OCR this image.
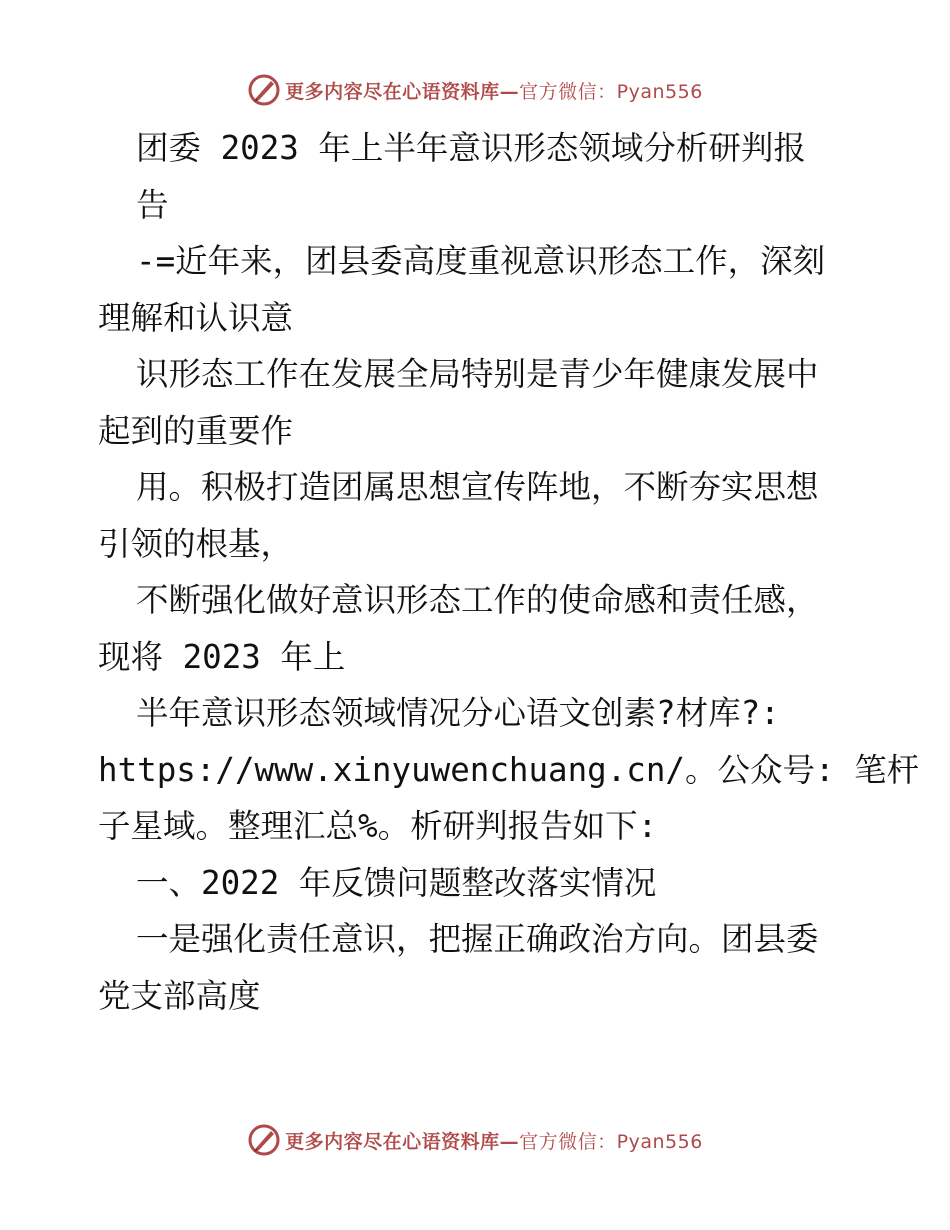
更多内容尽在心语资料库—官方微信：Pyan556
团委 2023 年上半年意识形态领域分析研判报
告
-=近年来，团县委高度重视意识形态工作，深刻
理解和认识意
识形态工作在发展全局特别是青少年健康发展中
起到的重要作
用。积极打造团属思想宣传阵地，不断夯实思想
引领的根基，
不断强化做好意识形态工作的使命感和责任感，
现将 2023 年上
半年意识形态领域情况分心语文创素?材库?:
https://www.xinyuwenchuang.cn/。公众号: 笔杆
子星域。整理汇总%。析研判报告如下:
一、2022 年反馈问题整改落实情况
一是强化责任意识，把握正确政治方向。团县委
党支部高度
更多内容尽在心语资料库—官方微信：Pyan556
